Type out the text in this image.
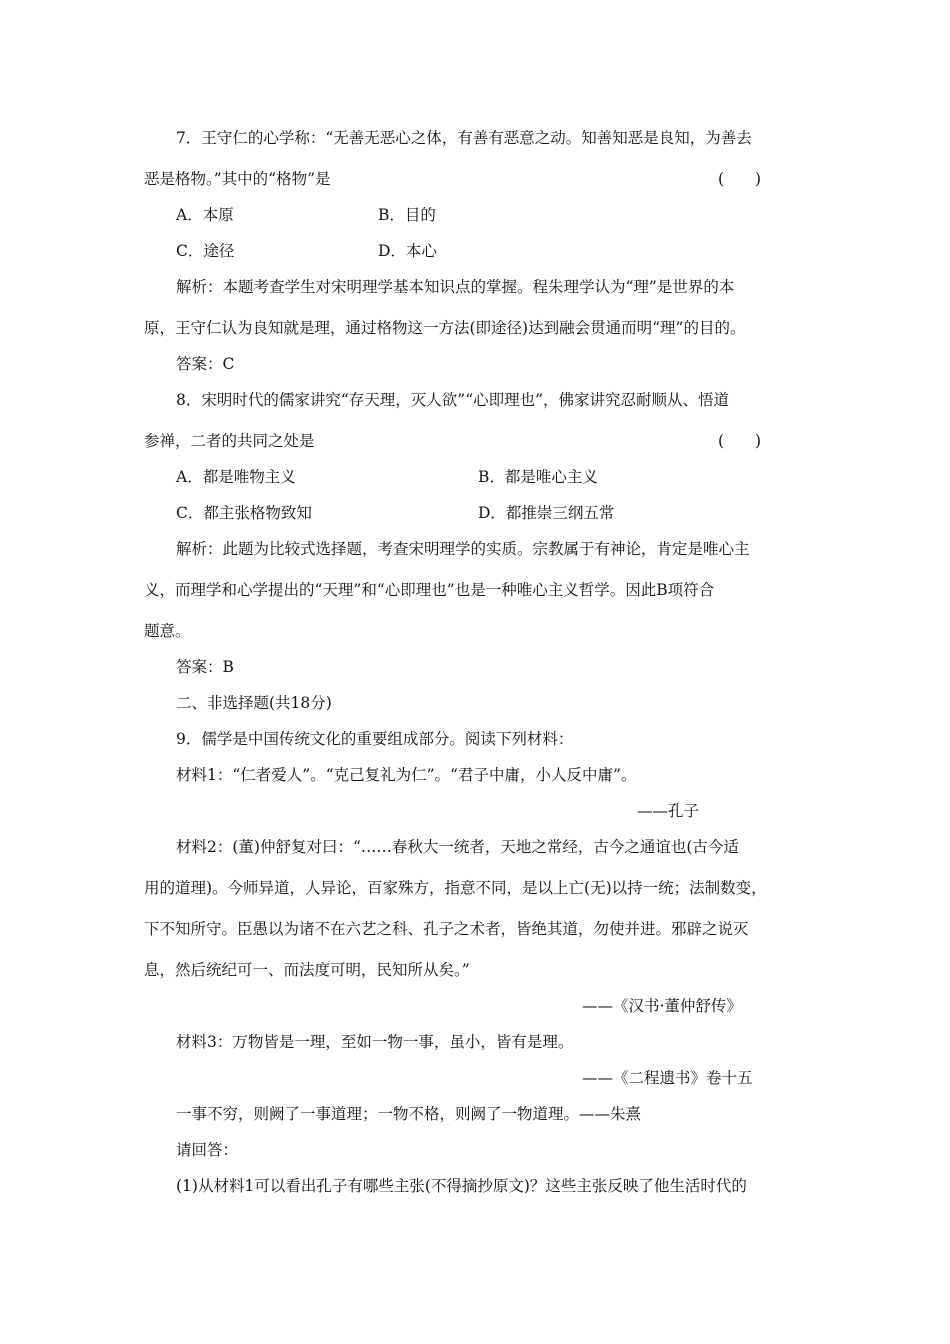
7．王守仁的心学称：“无善无恶心之体，有善有恶意之动。知善知恶是良知，为善去
恶是格物。”其中的“格物”是	(　　)
A．本原	B．目的
C．途径	D．本心
解析：本题考查学生对宋明理学基本知识点的掌握。程朱理学认为“理”是世界的本
原，王守仁认为良知就是理，通过格物这一方法(即途径)达到融会贯通而明“理”的目的。
答案：C
8．宋明时代的儒家讲究“存天理，灭人欲”“心即理也”，佛家讲究忍耐顺从、悟道
参禅，二者的共同之处是	(　　)
A．都是唯物主义	B．都是唯心主义
C．都主张格物致知	D．都推崇三纲五常
解析：此题为比较式选择题，考查宋明理学的实质。宗教属于有神论，肯定是唯心主
义，而理学和心学提出的“天理”和“心即理也”也是一种唯心主义哲学。因此B项符合
题意。
答案：B
二、非选择题(共18分)
9．儒学是中国传统文化的重要组成部分。阅读下列材料：
材料1：“仁者爱人”。“克己复礼为仁”。“君子中庸，小人反中庸”。
——孔子
材料2：(董)仲舒复对曰：“……春秋大一统者，天地之常经，古今之通谊也(古今适
用的道理)。今师异道，人异论，百家殊方，指意不同，是以上亡(无)以持一统；法制数变，
下不知所守。臣愚以为诸不在六艺之科、孔子之术者，皆绝其道，勿使并进。邪辟之说灭
息，然后统纪可一、而法度可明，民知所从矣。”
——《汉书·董仲舒传》
材料3：万物皆是一理，至如一物一事，虽小，皆有是理。
——《二程遗书》卷十五
一事不穷，则阙了一事道理；一物不格，则阙了一物道理。——朱熹
请回答：
(1)从材料1可以看出孔子有哪些主张(不得摘抄原文)？这些主张反映了他生活时代的
